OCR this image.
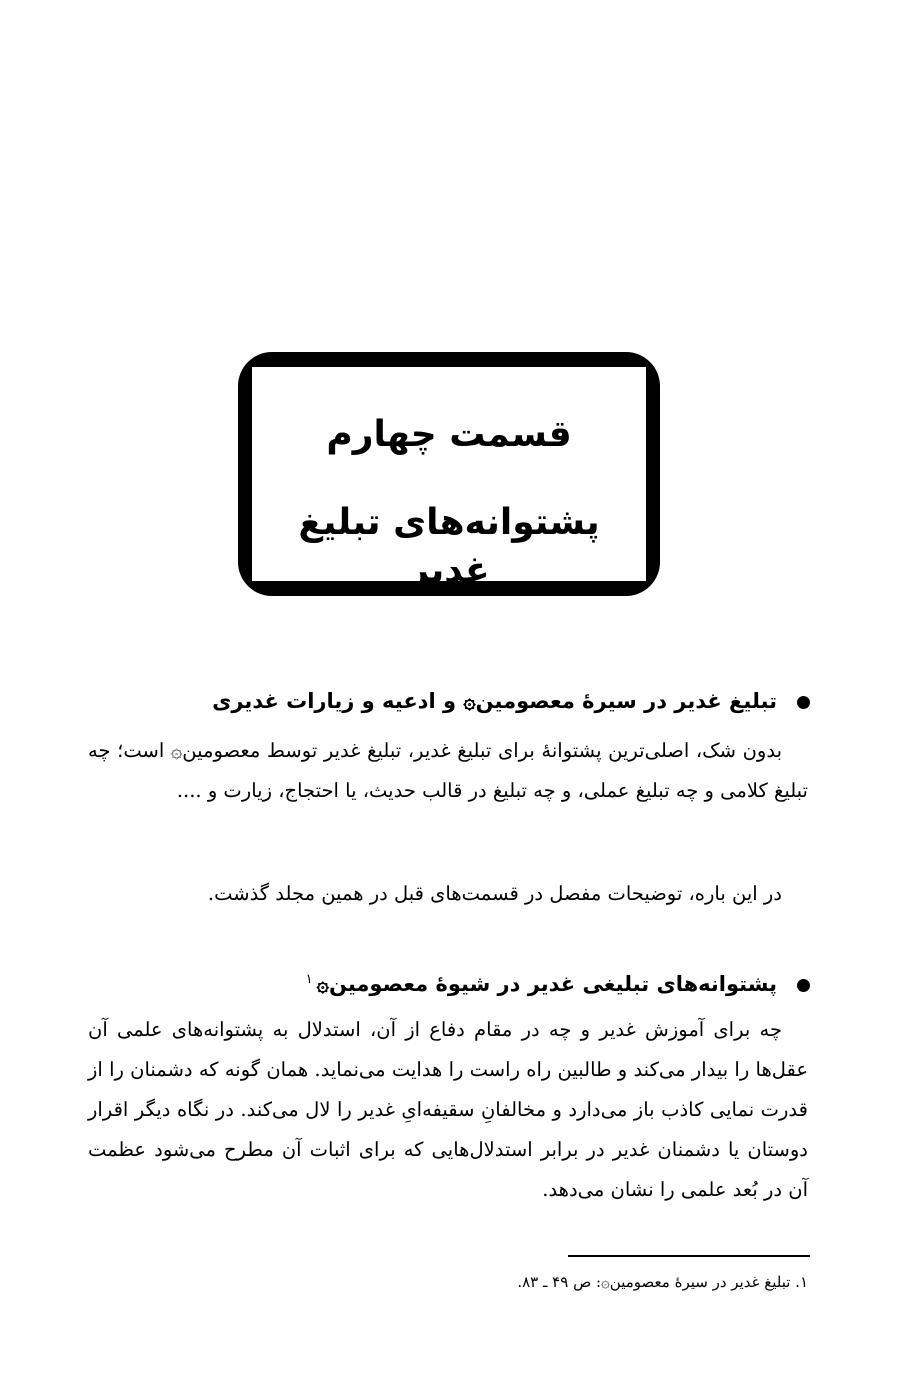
قسمت چهارم
پشتوانه‌های تبلیغ غدیر
تبلیغ غدیر در سیرۀ معصومین۞ و ادعیه و زیارات غدیری
بدون شک، اصلی‌ترین پشتوانۀ برای تبلیغ غدیر، تبلیغ غدیر توسط معصومین۞ است؛ چه تبلیغ کلامی و چه تبلیغ عملی، و چه تبلیغ در قالب حدیث، یا احتجاج، زیارت و ....
در این باره، توضیحات مفصل در قسمت‌های قبل در همین مجلد گذشت.
پشتوانه‌های تبلیغی غدیر در شیوۀ معصومین۞$^۱$
چه برای آموزش غدیر و چه در مقام دفاع از آن، استدلال به پشتوانه‌های علمی آن عقل‌ها را بیدار می‌کند و طالبین راه راست را هدایت می‌نماید. همان گونه که دشمنان را از قدرت نمایی کاذب باز می‌دارد و مخالفانِ سقیفه‌ایِ غدیر را لال می‌کند. در نگاه دیگر اقرار دوستان یا دشمنان غدیر در برابر استدلال‌هایی که برای اثبات آن مطرح می‌شود عظمت آن در بُعد علمی را نشان می‌دهد.
۱. تبلیغ غدیر در سیرۀ معصومین۞: ص ۴۹ ـ ۸۳.
